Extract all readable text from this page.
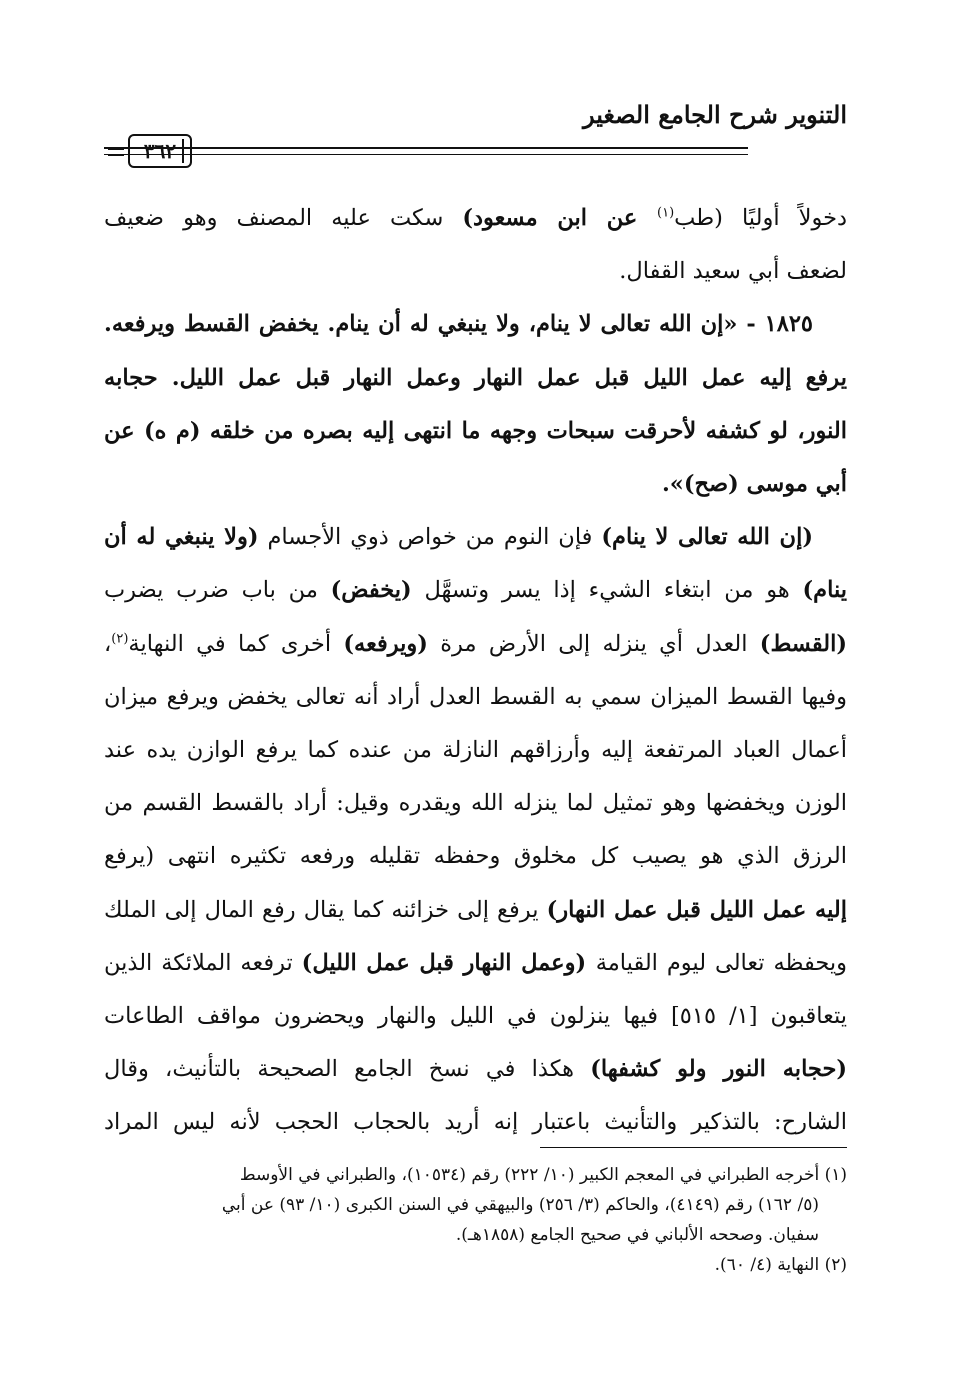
التنوير شرح الجامع الصغير
٣٦٢
دخولاً أوليًا (طب$^{(١)}$ عن ابن مسعود) سكت عليه المصنف وهو ضعيف
لضعف أبي سعيد القفال.
١٨٢٥ - «إن الله تعالى لا ينام، ولا ينبغي له أن ينام. يخفض القسط ويرفعه.
يرفع إليه عمل الليل قبل عمل النهار وعمل النهار قبل عمل الليل. حجابه
النور، لو كشفه لأحرقت سبحات وجهه ما انتهى إليه بصره من خلقه (م ه) عن
أبي موسى (صح)».
(إن الله تعالى لا ينام) فإن النوم من خواص ذوي الأجسام (ولا ينبغي له أن
ينام) هو من ابتغاء الشيء إذا يسر وتسهَّل (يخفض) من باب ضرب يضرب
(القسط) العدل أي ينزله إلى الأرض مرة (ويرفعه) أخرى كما في النهاية$^{(٢)}$،
وفيها القسط الميزان سمي به القسط العدل أراد أنه تعالى يخفض ويرفع ميزان
أعمال العباد المرتفعة إليه وأرزاقهم النازلة من عنده كما يرفع الوازن يده عند
الوزن ويخفضها وهو تمثيل لما ينزله الله ويقدره وقيل: أراد بالقسط القسم من
الرزق الذي هو يصيب كل مخلوق وحفظه تقليله ورفعه تكثيره انتهى (يرفع
إليه عمل الليل قبل عمل النهار) يرفع إلى خزائنه كما يقال رفع المال إلى الملك
ويحفظه تعالى ليوم القيامة (وعمل النهار قبل عمل الليل) ترفعه الملائكة الذين
يتعاقبون [١/ ٥١٥] فيها ينزلون في الليل والنهار ويحضرون مواقف الطاعات
(حجابه النور ولو كشفها) هكذا في نسخ الجامع الصحيحة بالتأنيث، وقال
الشارح: بالتذكير والتأنيث باعتبار إنه أريد بالحجاب الحجب لأنه ليس المراد
(١) أخرجه الطبراني في المعجم الكبير (١٠/ ٢٢٢) رقم (١٠٥٣٤)، والطبراني في الأوسط
(٥/ ١٦٢) رقم (٤١٤٩)، والحاكم (٣/ ٢٥٦) والبيهقي في السنن الكبرى (١٠/ ٩٣) عن أبي
سفيان. وصححه الألباني في صحيح الجامع (١٨٥٨هـ).
(٢) النهاية (٤/ ٦٠).
